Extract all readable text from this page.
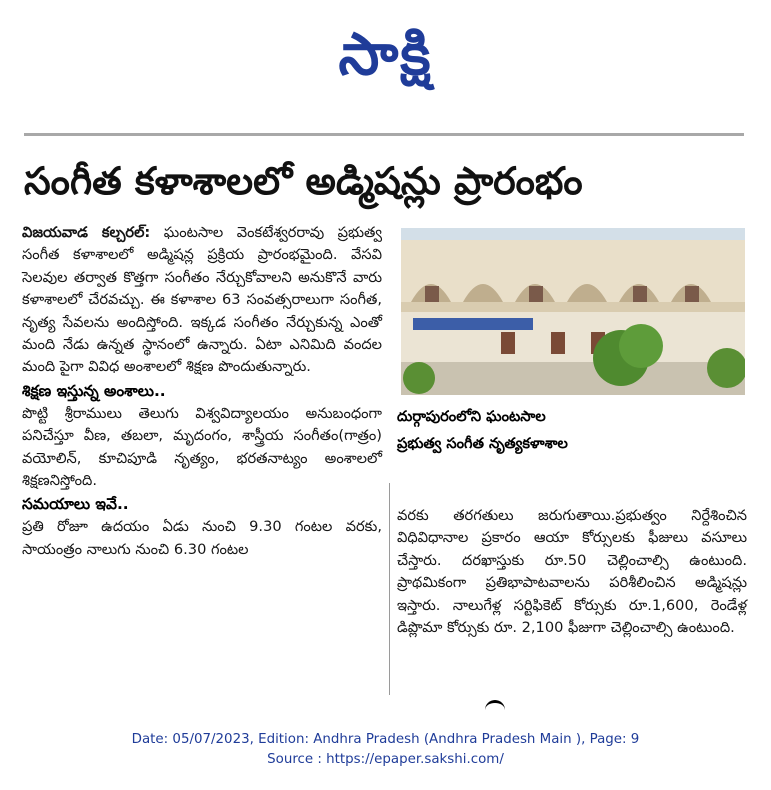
సాక్షి
సంగీత కళాశాలలో అడ్మిషన్లు ప్రారంభం

విజయవాడ కల్చరల్: ఘంటసాల వెంకటేశ్వరరావు ప్రభుత్వ సంగీత కళాశాలలో అడ్మిషన్ల ప్రక్రియ ప్రారంభమైంది. వేసవి సెలవుల తర్వాత కొత్తగా సంగీతం నేర్చుకోవాలని అనుకొనే వారు కళాశాలలో చేరవచ్చు. ఈ కళాశాల 63 సంవత్సరాలుగా సంగీత, నృత్య సేవలను అందిస్తోంది. ఇక్కడ సంగీతం నేర్చుకున్న ఎంతో మంది నేడు ఉన్నత స్థానంలో ఉన్నారు. ఏటా ఎనిమిది వందల మంది పైగా వివిధ అంశాలలో శిక్షణ పొందుతున్నారు.

శిక్షణ ఇస్తున్న అంశాలు..

పొట్టి శ్రీరాములు తెలుగు విశ్వవిద్యాలయం అనుబంధంగా పనిచేస్తూ వీణ, తబలా, మృదంగం, శాస్త్రీయ సంగీతం(గాత్రం) వయోలిన్, కూచిపూడి నృత్యం, భరతనాట్యం అంశాలలో శిక్షణనిస్తోంది.

సమయాలు ఇవే..

ప్రతి రోజూ ఉదయం ఏడు నుంచి 9.30 గంటల వరకు, సాయంత్రం నాలుగు నుంచి 6.30 గంటల

దుర్గాపురంలోని ఘంటసాల
ప్రభుత్వ సంగీత నృత్యకళాశాల

వరకు తరగతులు జరుగుతాయి.ప్రభుత్వం నిర్దేశించిన విధివిధానాల ప్రకారం ఆయా కోర్సులకు ఫీజులు వసూలు చేస్తారు. దరఖాస్తుకు రూ.50 చెల్లించాల్సి ఉంటుంది. ప్రాథమికంగా ప్రతిభాపాటవాలను పరిశీలించిన అడ్మిషన్లు ఇస్తారు. నాలుగేళ్ల సర్టిఫికెట్ కోర్సుకు రూ.1,600, రెండేళ్ల డిప్లొమా కోర్సుకు రూ. 2,100 ఫీజుగా చెల్లించాల్సి ఉంటుంది.

Date: 05/07/2023, Edition: Andhra Pradesh (Andhra Pradesh Main ), Page: 9
Source : https://epaper.sakshi.com/
